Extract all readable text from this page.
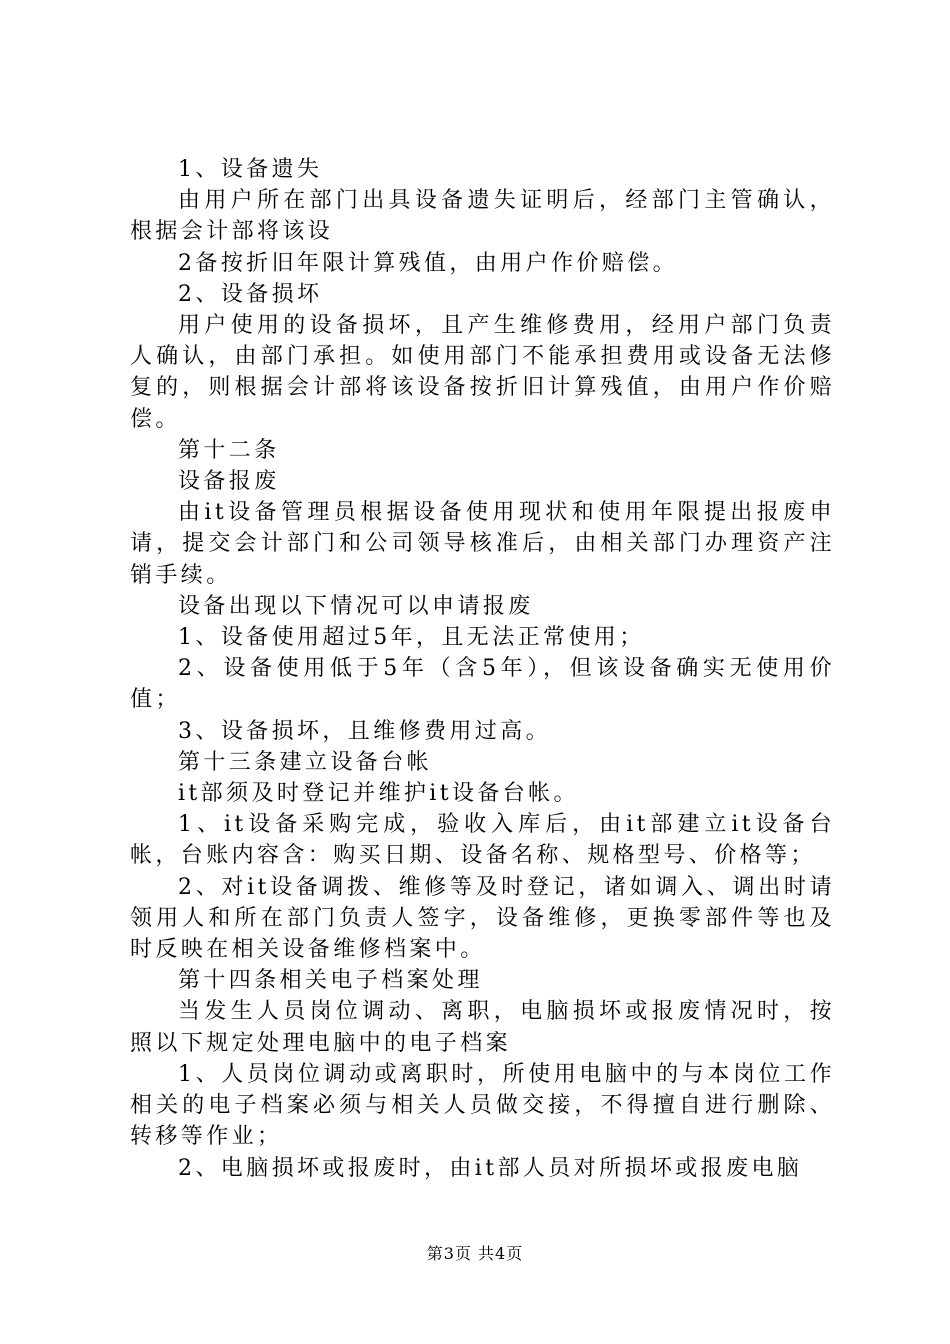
1、设备遗失

由用户所在部门出具设备遗失证明后，经部门主管确认，根据会计部将该设

2备按折旧年限计算残值，由用户作价赔偿。

2、设备损坏

用户使用的设备损坏，且产生维修费用，经用户部门负责人确认，由部门承担。如使用部门不能承担费用或设备无法修复的，则根据会计部将该设备按折旧计算残值，由用户作价赔偿。

第十二条

设备报废

由it设备管理员根据设备使用现状和使用年限提出报废申请，提交会计部门和公司领导核准后，由相关部门办理资产注销手续。

设备出现以下情况可以申请报废

1、设备使用超过5年，且无法正常使用；

2、设备使用低于5年（含5年），但该设备确实无使用价值；

3、设备损坏，且维修费用过高。

第十三条建立设备台帐

it部须及时登记并维护it设备台帐。

1、it设备采购完成，验收入库后，由it部建立it设备台帐，台账内容含：购买日期、设备名称、规格型号、价格等；

2、对it设备调拨、维修等及时登记，诸如调入、调出时请领用人和所在部门负责人签字，设备维修，更换零部件等也及时反映在相关设备维修档案中。

第十四条相关电子档案处理

当发生人员岗位调动、离职，电脑损坏或报废情况时，按照以下规定处理电脑中的电子档案

1、人员岗位调动或离职时，所使用电脑中的与本岗位工作相关的电子档案必须与相关人员做交接，不得擅自进行删除、转移等作业；

2、电脑损坏或报废时，由it部人员对所损坏或报废电脑

第3页 共4页
